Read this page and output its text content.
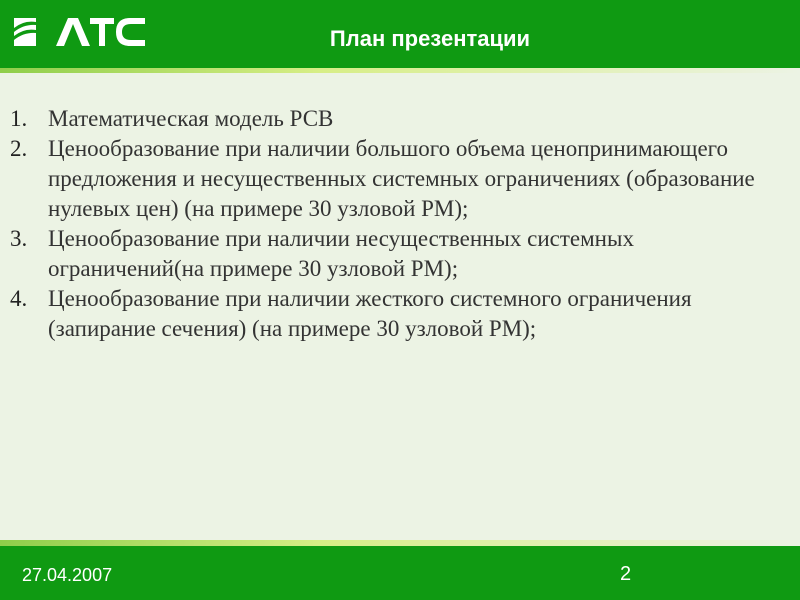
План презентации
1. Математическая модель РСВ
2. Ценообразование при наличии большого объема ценопринимающего предложения и несущественных системных ограничениях (образование нулевых цен) (на примере 30 узловой РМ);
3. Ценообразование при наличии несущественных системных ограничений(на примере 30 узловой РМ);
4. Ценообразование при наличии жесткого системного ограничения (запирание сечения) (на примере 30 узловой РМ);
27.04.2007	2
